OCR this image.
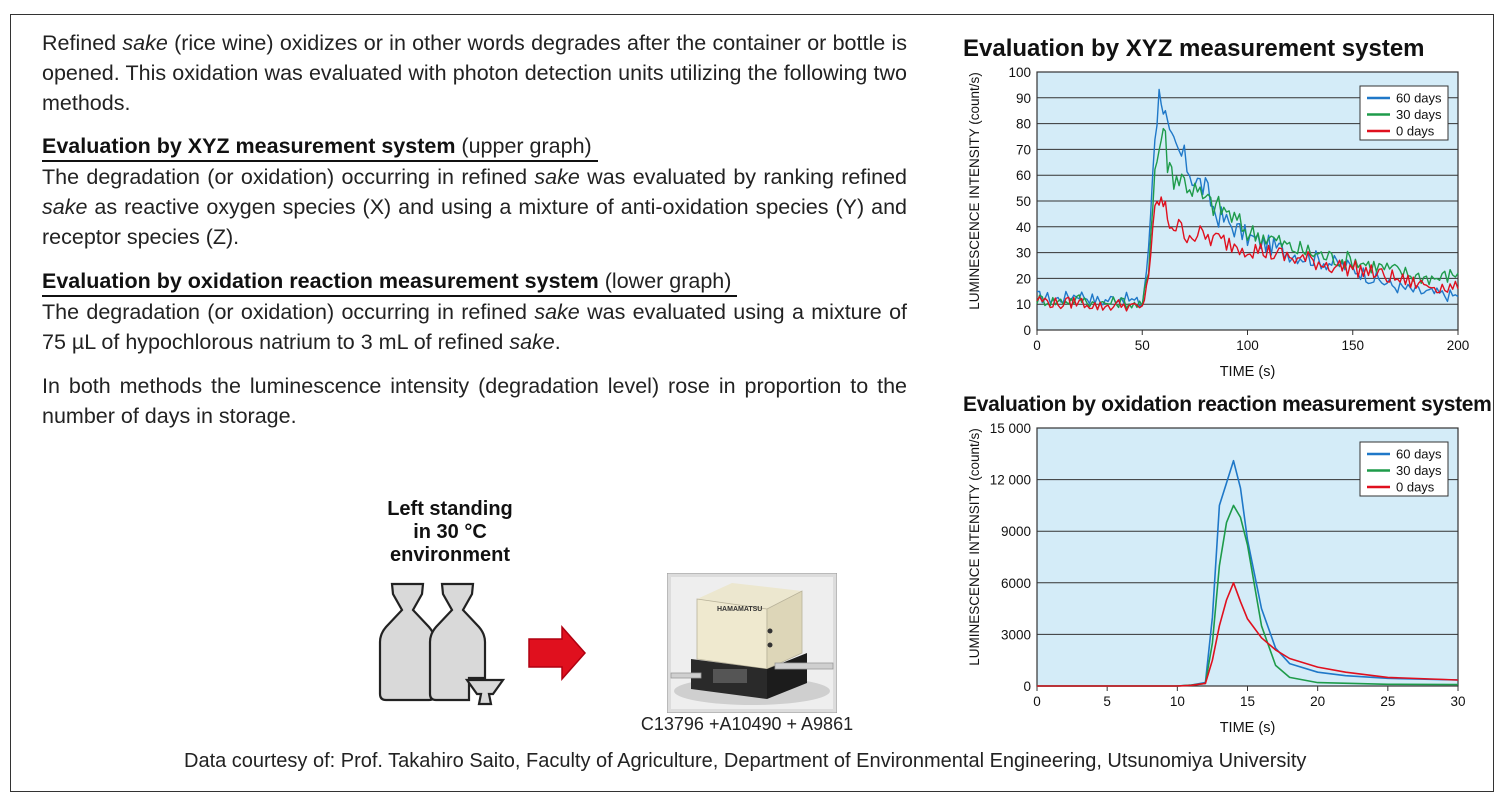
Refined sake (rice wine) oxidizes or in other words degrades after the container or bottle is opened. This oxidation was evaluated with photon detection units utilizing the following two methods.
Evaluation by XYZ measurement system (upper graph)
The degradation (or oxidation) occurring in refined sake was evaluated by ranking refined sake as reactive oxygen species (X) and using a mixture of anti-oxidation species (Y) and receptor species (Z).
Evaluation by oxidation reaction measurement system (lower graph)
The degradation (or oxidation) occurring in refined sake was evaluated using a mixture of 75 µL of hypochlorous natrium to 3 mL of refined sake.
In both methods the luminescence intensity (degradation level) rose in proportion to the number of days in storage.
Left standing
in 30 °C
environment
HAMAMATSU
C13796 +A10490 + A9861
Evaluation by XYZ measurement system
0
10
20
30
40
50
60
70
80
90
100
0	50	100	150	200
TIME (s)
LUMINESCENCE INTENSITY (count/s)	60 days
30 days
0 days
Evaluation by oxidation reaction measurement system
0
3000
6000
9000
12 000
15 000
0	5	10	15	20	25	30
TIME (s)
LUMINESCENCE INTENSITY (count/s)	60 days
30 days
0 days
Data courtesy of: Prof. Takahiro Saito, Faculty of Agriculture, Department of Environmental Engineering, Utsunomiya University
